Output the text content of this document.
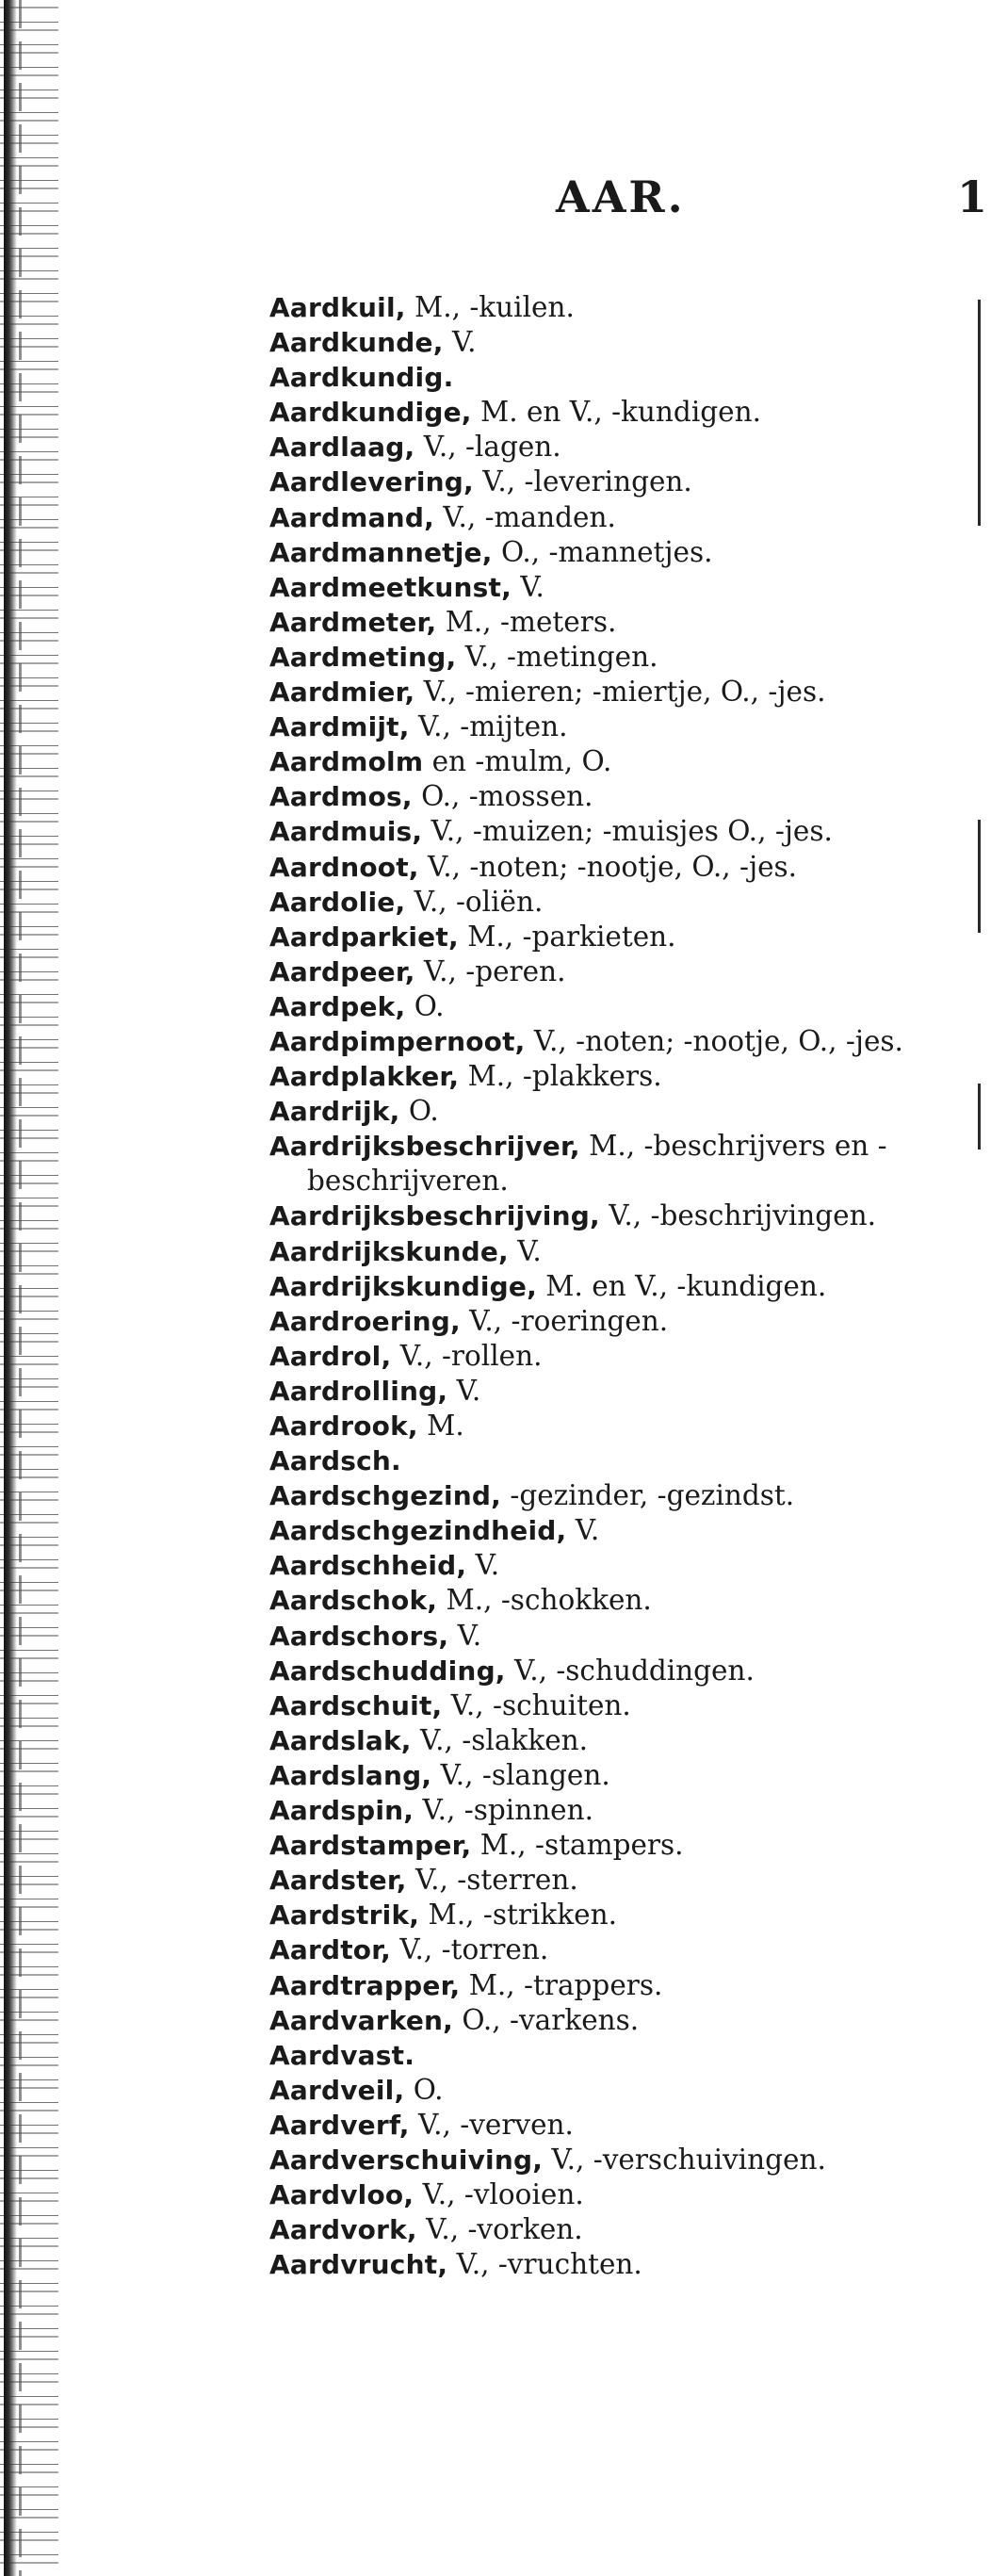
AAR.	1
Aardkuil, M., -kuilen.
Aardkunde, V.
Aardkundig.
Aardkundige, M. en V., -kundigen.
Aardlaag, V., -lagen.
Aardlevering, V., -leveringen.
Aardmand, V., -manden.
Aardmannetje, O., -mannetjes.
Aardmeetkunst, V.
Aardmeter, M., -meters.
Aardmeting, V., -metingen.
Aardmier, V., -mieren; -miertje, O., -jes.
Aardmijt, V., -mijten.
Aardmolm en -mulm, O.
Aardmos, O., -mossen.
Aardmuis, V., -muizen; -muisjes O., -jes.
Aardnoot, V., -noten; -nootje, O., -jes.
Aardolie, V., -oliën.
Aardparkiet, M., -parkieten.
Aardpeer, V., -peren.
Aardpek, O.
Aardpimpernoot, V., -noten; -nootje, O., -jes.
Aardplakker, M., -plakkers.
Aardrijk, O.
Aardrijksbeschrijver, M., -beschrijvers en -beschrijveren.
Aardrijksbeschrijving, V., -beschrijvingen.
Aardrijkskunde, V.
Aardrijkskundige, M. en V., -kundigen.
Aardroering, V., -roeringen.
Aardrol, V., -rollen.
Aardrolling, V.
Aardrook, M.
Aardsch.
Aardschgezind, -gezinder, -gezindst.
Aardschgezindheid, V.
Aardschheid, V.
Aardschok, M., -schokken.
Aardschors, V.
Aardschudding, V., -schuddingen.
Aardschuit, V., -schuiten.
Aardslak, V., -slakken.
Aardslang, V., -slangen.
Aardspin, V., -spinnen.
Aardstamper, M., -stampers.
Aardster, V., -sterren.
Aardstrik, M., -strikken.
Aardtor, V., -torren.
Aardtrapper, M., -trappers.
Aardvarken, O., -varkens.
Aardvast.
Aardveil, O.
Aardverf, V., -verven.
Aardverschuiving, V., -verschuivingen.
Aardvloo, V., -vlooien.
Aardvork, V., -vorken.
Aardvrucht, V., -vruchten.
